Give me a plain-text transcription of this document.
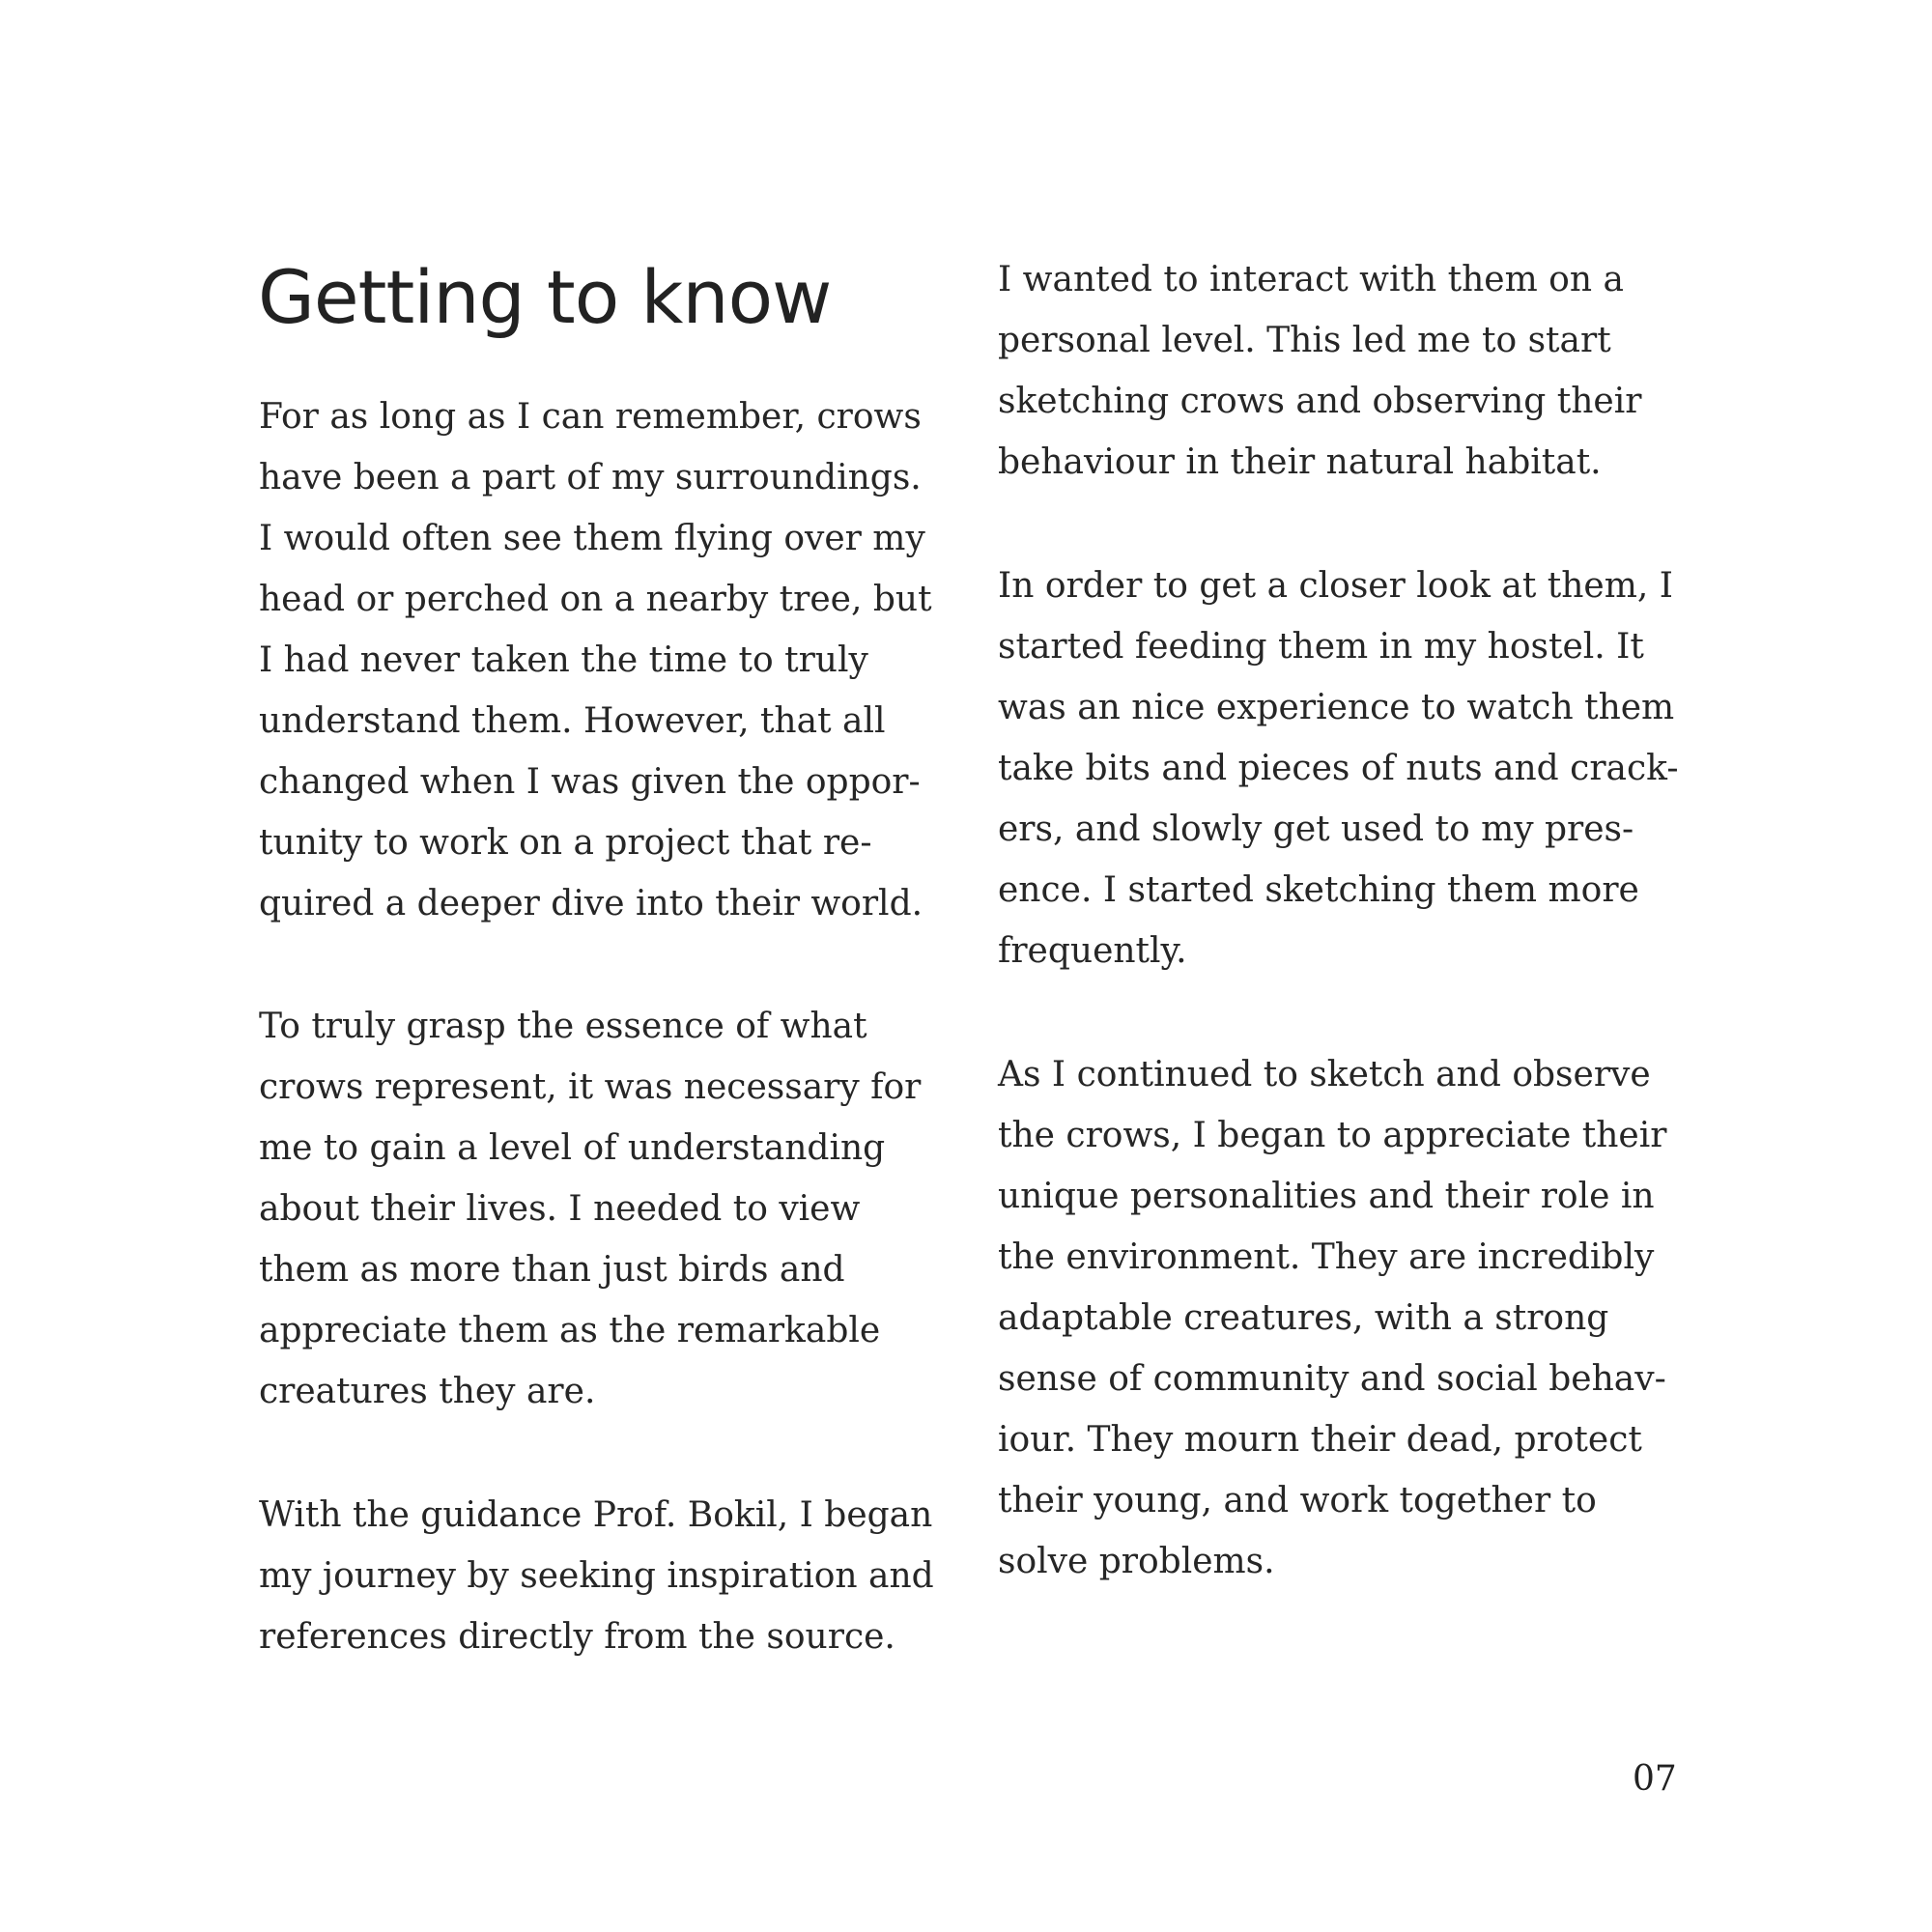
Getting to know

For as long as I can remember, crows
have been a part of my surroundings.
I would often see them flying over my
head or perched on a nearby tree, but
I had never taken the time to truly
understand them. However, that all
changed when I was given the oppor-
tunity to work on a project that re-
quired a deeper dive into their world.

To truly grasp the essence of what
crows represent, it was necessary for
me to gain a level of understanding
about their lives. I needed to view
them as more than just birds and
appreciate them as the remarkable
creatures they are.

With the guidance Prof. Bokil, I began
my journey by seeking inspiration and
references directly from the source.

I wanted to interact with them on a
personal level. This led me to start
sketching crows and observing their
behaviour in their natural habitat.

In order to get a closer look at them, I
started feeding them in my hostel. It
was an nice experience to watch them
take bits and pieces of nuts and crack-
ers, and slowly get used to my pres-
ence. I started sketching them more
frequently.

As I continued to sketch and observe
the crows, I began to appreciate their
unique personalities and their role in
the environment. They are incredibly
adaptable creatures, with a strong
sense of community and social behav-
iour. They mourn their dead, protect
their young, and work together to
solve problems.

07
